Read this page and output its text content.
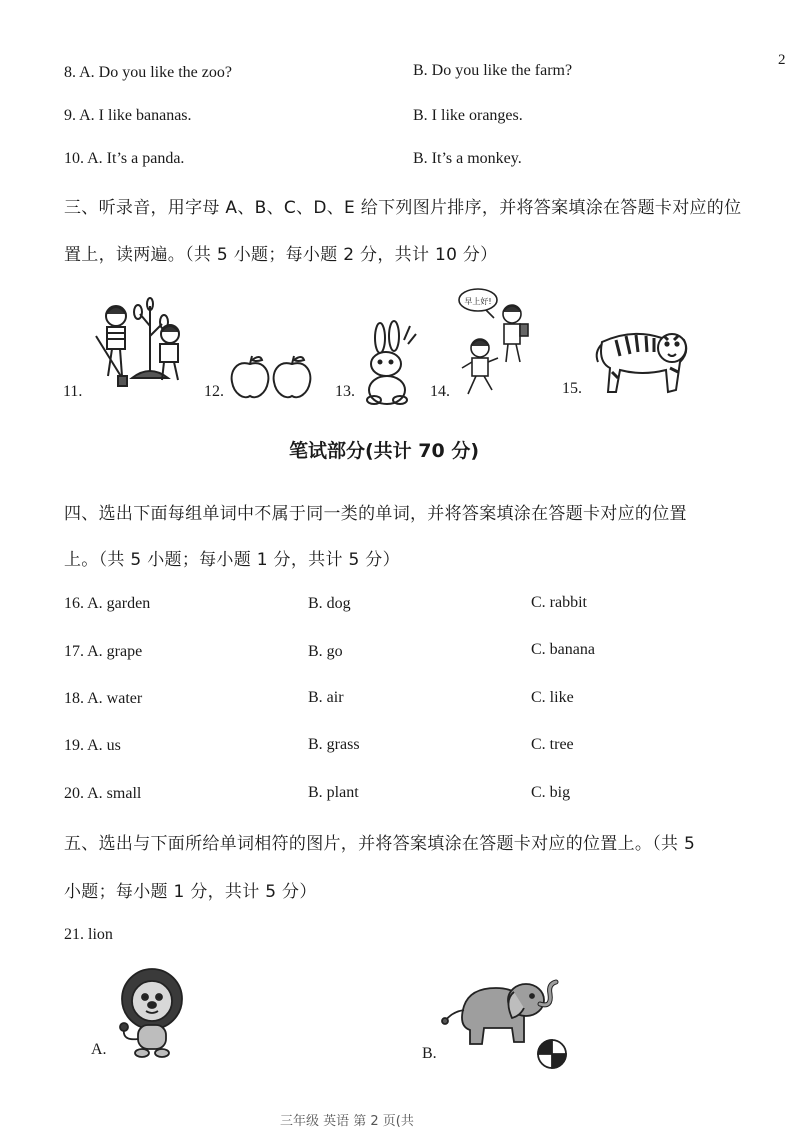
2
8. A. Do you like the zoo?	B. Do you like the farm?
9. A. I like bananas.	B. I like oranges.
10. A. It’s a panda.	B. It’s a monkey.
三、听录音，用字母 A、B、C、D、E 给下列图片排序，并将答案填涂在答题卡对应的位
置上，读两遍。（共 5 小题；每小题 2 分，共计 10 分）
11.	12.	13.	14.
早上好!
15.
笔试部分(共计 70 分)
四、选出下面每组单词中不属于同一类的单词，并将答案填涂在答题卡对应的位置
上。（共 5 小题；每小题 1 分，共计 5 分）
16. A. garden	B. dog	C. rabbit
17. A. grape	B. go	C. banana
18. A. water	B. air	C. like
19. A. us	B. grass	C. tree
20. A. small	B. plant	C. big
五、选出与下面所给单词相符的图片，并将答案填涂在答题卡对应的位置上。（共 5
小题；每小题 1 分，共计 5 分）
21. lion
A.	B.
三年级 英语 第 2 页(共
